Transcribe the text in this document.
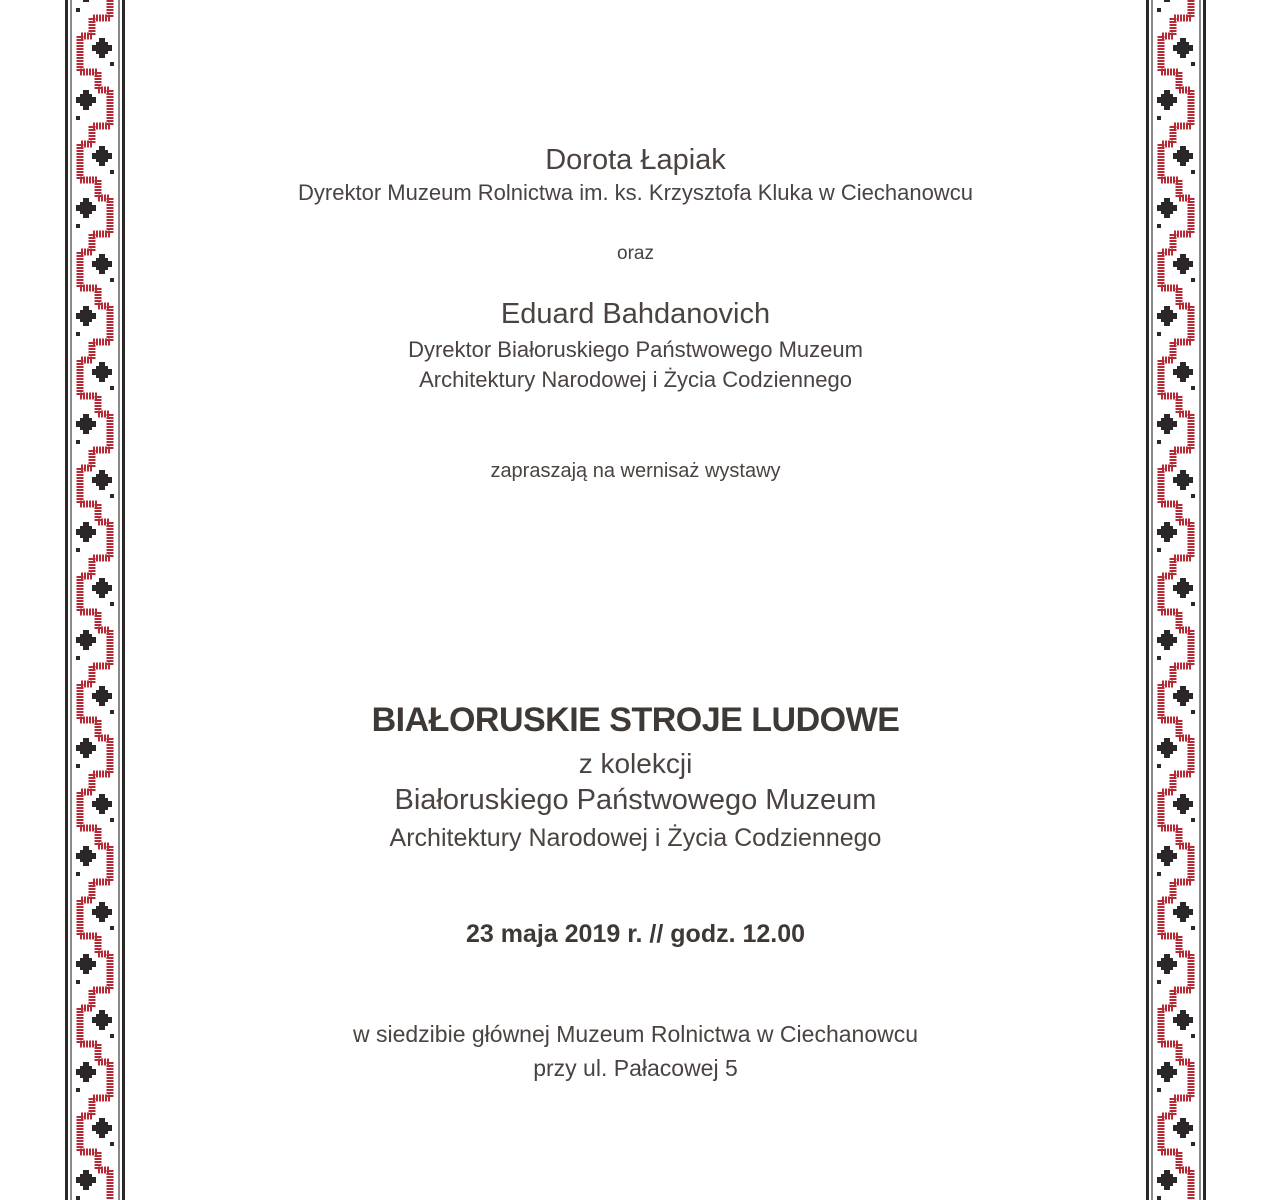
Dorota Łapiak
Dyrektor Muzeum Rolnictwa im. ks. Krzysztofa Kluka w Ciechanowcu
oraz
Eduard Bahdanovich
Dyrektor Białoruskiego Państwowego Muzeum
Architektury Narodowej i Życia Codziennego
zapraszają na wernisaż wystawy
BIAŁORUSKIE STROJE LUDOWE
z kolekcji
Białoruskiego Państwowego Muzeum
Architektury Narodowej i Życia Codziennego
23 maja 2019 r. // godz. 12.00
w siedzibie głównej Muzeum Rolnictwa w Ciechanowcu
przy ul. Pałacowej 5
